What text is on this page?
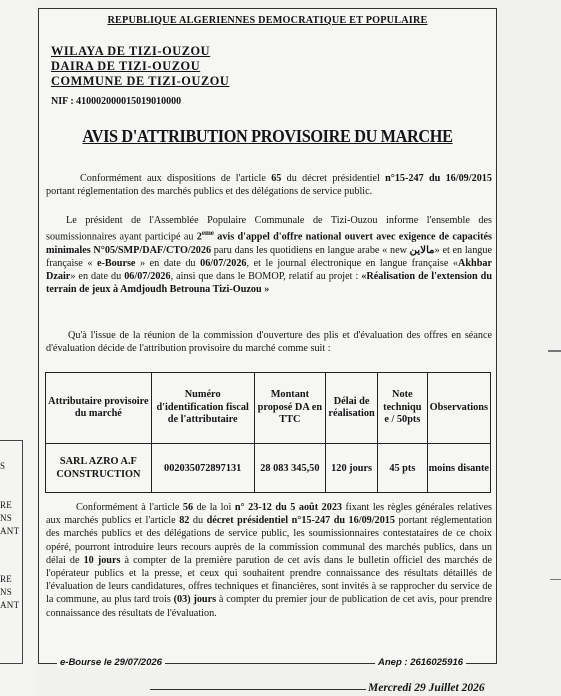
S
RE
NS
ANT
RE
NS
ANT
REPUBLIQUE ALGERIENNES DEMOCRATIQUE ET POPULAIRE
WILAYA DE TIZI-OUZOU
DAIRA DE TIZI-OUZOU
COMMUNE DE TIZI-OUZOU
NIF : 410002000015019010000
AVIS D'ATTRIBUTION PROVISOIRE DU MARCHE
Conformément aux dispositions de l'article 65 du décret présidentiel n°15-247 du 16/09/2015 portant réglementation des marchés publics et des délégations de service public.
Le président de l'Assemblée Populaire Communale de Tizi-Ouzou informe l'ensemble des soumissionnaires ayant participé au 2eme avis d'appel d'offre national ouvert avec exigence de capacités minimales N°05/SMP/DAF/CTO/2026 paru dans les quotidiens en langue arabe « new مالاين» et en langue française « e-Bourse » en date du 06/07/2026, et le journal électronique en langue française «Akhbar Dzair» en date du 06/07/2026, ainsi que dans le BOMOP, relatif au projet : «Réalisation de l'extension du terrain de jeux à Amdjoudh Betrouna Tizi-Ouzou »
Qu'à l'issue de la réunion de la commission d'ouverture des plis et d'évaluation des offres en séance d'évaluation décide de l'attribution provisoire du marché comme suit :
Attributaire provisoire du marché	Numéro d'identification fiscal de l'attributaire	Montant proposé DA en TTC	Délai de réalisation	Note techniqu e / 50pts	Observations
SARL AZRO A.F CONSTRUCTION	002035072897131	28 083 345,50	120 jours	45 pts	moins disante
Conformément à l'article 56 de la loi n° 23-12 du 5 août 2023 fixant les règles générales relatives aux marchés publics et l'article 82 du décret présidentiel n°15-247 du 16/09/2015 portant réglementation des marchés publics et des délégations de service public, les soumissionnaires contestataires de ce choix opéré, pourront introduire leurs recours auprès de la commission communal des marchés publics, dans un délai de 10 jours à compter de la première parution de cet avis dans le bulletin officiel des marchés de l'opérateur publics et la presse, et ceux qui souhaitent prendre connaissance des résultats détaillés de l'évaluation de leurs candidatures, offres techniques et financières, sont invités à se rapprocher du service de la commune, au plus tard trois (03) jours à compter du premier jour de publication de cet avis, pour prendre connaissance des résultats de l'évaluation.
e-Bourse le 29/07/2026	Anep : 2616025916
Mercredi 29 Juillet 2026
